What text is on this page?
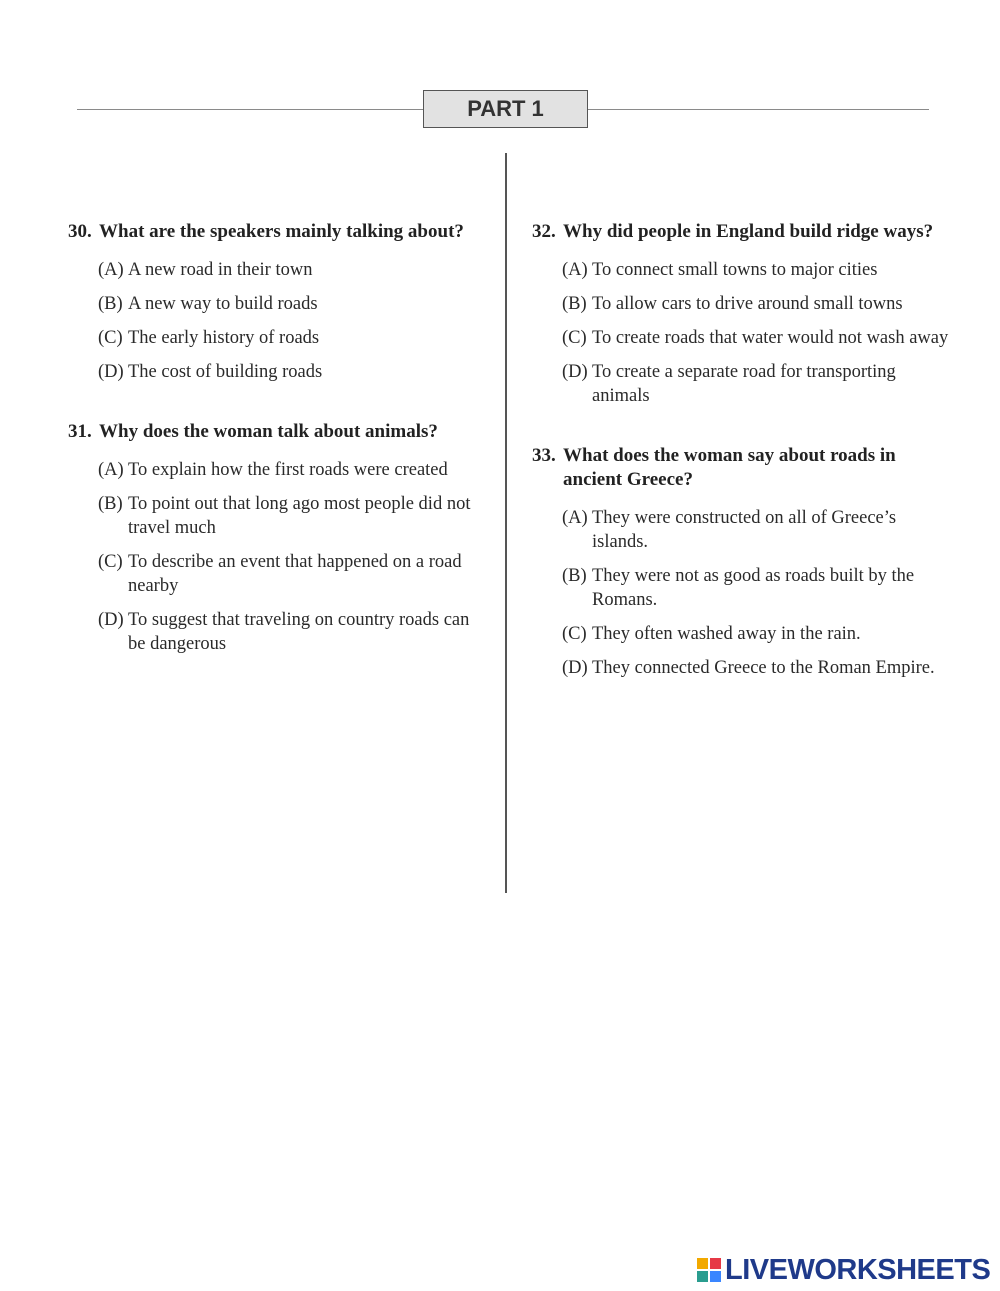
PART 1
30. What are the speakers mainly talking about?
(A) A new road in their town
(B) A new way to build roads
(C) The early history of roads
(D) The cost of building roads
31. Why does the woman talk about animals?
(A) To explain how the first roads were created
(B) To point out that long ago most people did not travel much
(C) To describe an event that happened on a road nearby
(D) To suggest that traveling on country roads can be dangerous
32. Why did people in England build ridge ways?
(A) To connect small towns to major cities
(B) To allow cars to drive around small towns
(C) To create roads that water would not wash away
(D) To create a separate road for transporting animals
33. What does the woman say about roads in ancient Greece?
(A) They were constructed on all of Greece’s islands.
(B) They were not as good as roads built by the Romans.
(C) They often washed away in the rain.
(D) They connected Greece to the Roman Empire.
LIVEWORKSHEETS
